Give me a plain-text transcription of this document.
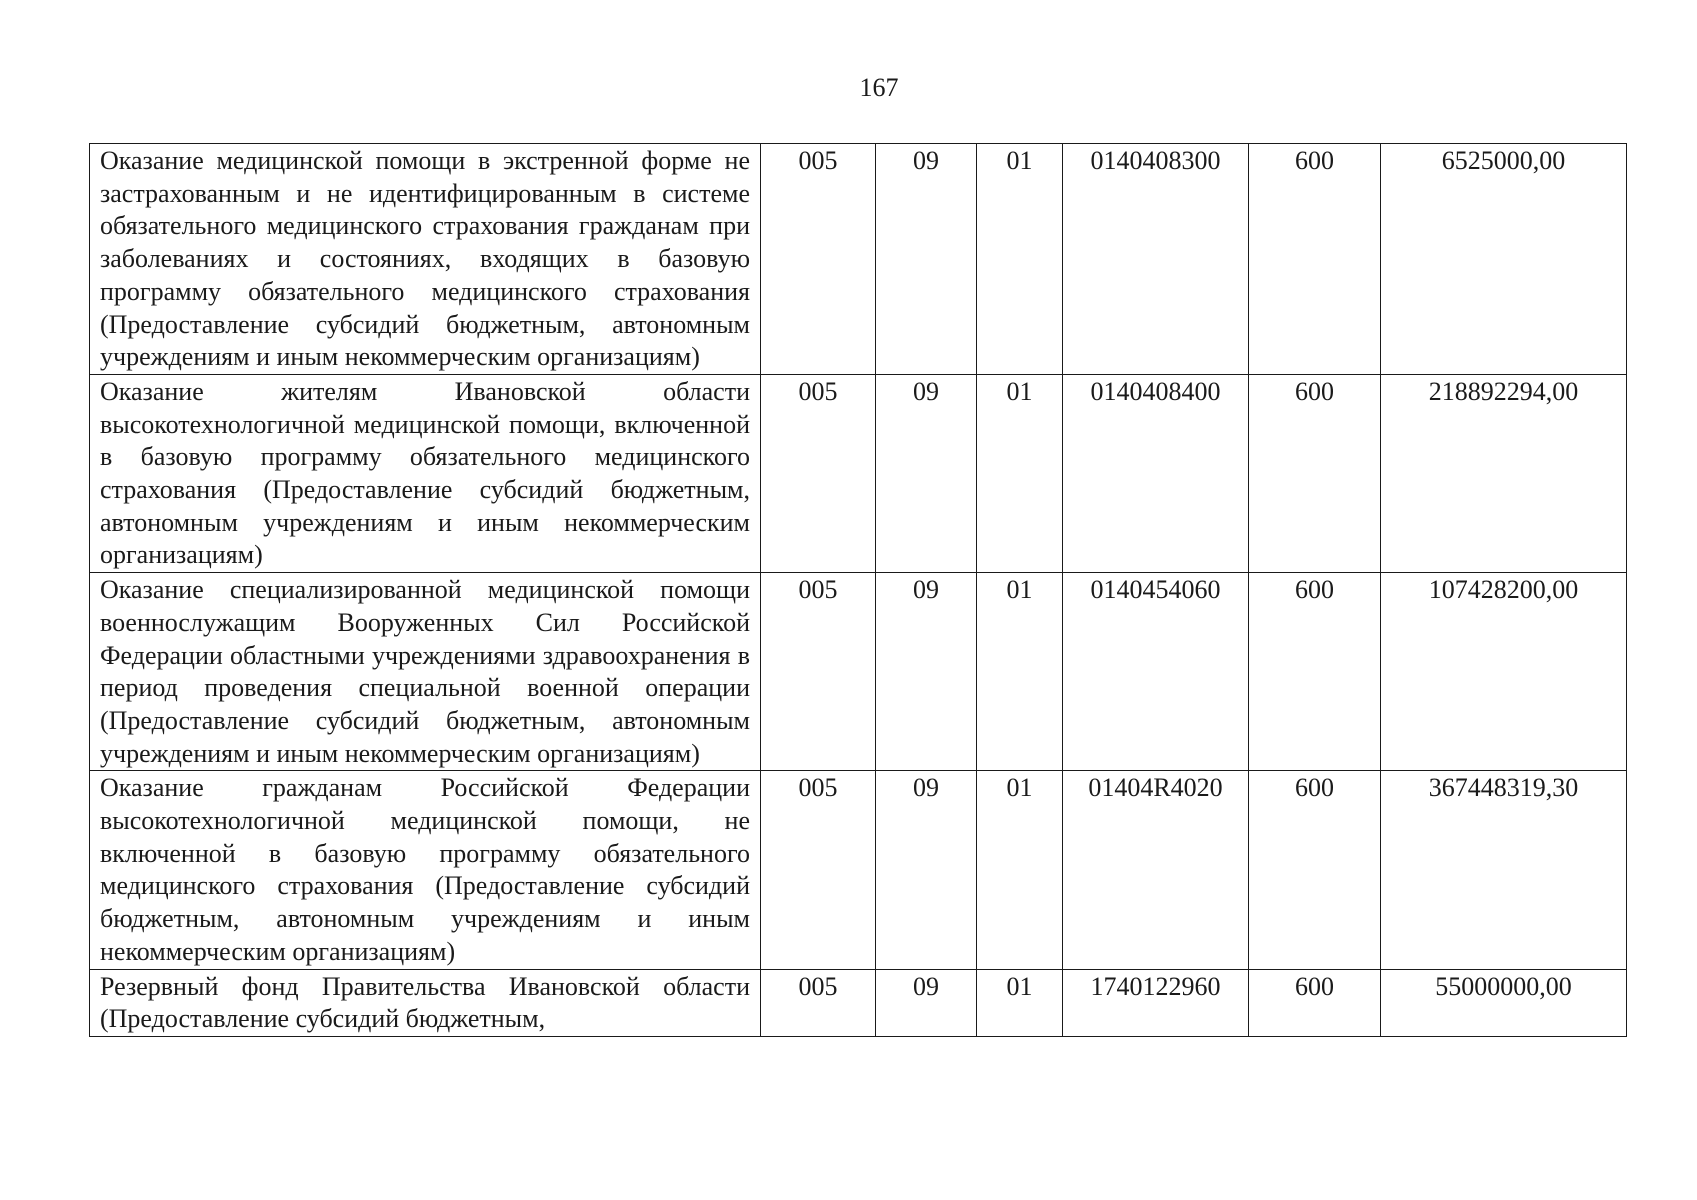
167
Оказание медицинской помощи в экстренной форме не застрахованным и не идентифицированным в системе обязательного медицинского страхования гражданам при заболеваниях и состояниях, входящих в базовую программу обязательного медицинского страхования (Предоставление субсидий бюджетным, автономным учреждениям и иным некоммерческим организациям)	005	09	01	0140408300	600	6525000,00
Оказание жителям Ивановской области высокотехнологичной медицинской помощи, включенной в базовую программу обязательного медицинского страхования (Предоставление субсидий бюджетным, автономным учреждениям и иным некоммерческим организациям)	005	09	01	0140408400	600	218892294,00
Оказание специализированной медицинской помощи военнослужащим Вооруженных Сил Российской Федерации областными учреждениями здравоохранения в период проведения специальной военной операции (Предоставление субсидий бюджетным, автономным учреждениям и иным некоммерческим организациям)	005	09	01	0140454060	600	107428200,00
Оказание гражданам Российской Федерации высокотехнологичной медицинской помощи, не включенной в базовую программу обязательного медицинского страхования (Предоставление субсидий бюджетным, автономным учреждениям и иным некоммерческим организациям)	005	09	01	01404R4020	600	367448319,30
Резервный фонд Правительства Ивановской области (Предоставление субсидий бюджетным,	005	09	01	1740122960	600	55000000,00
